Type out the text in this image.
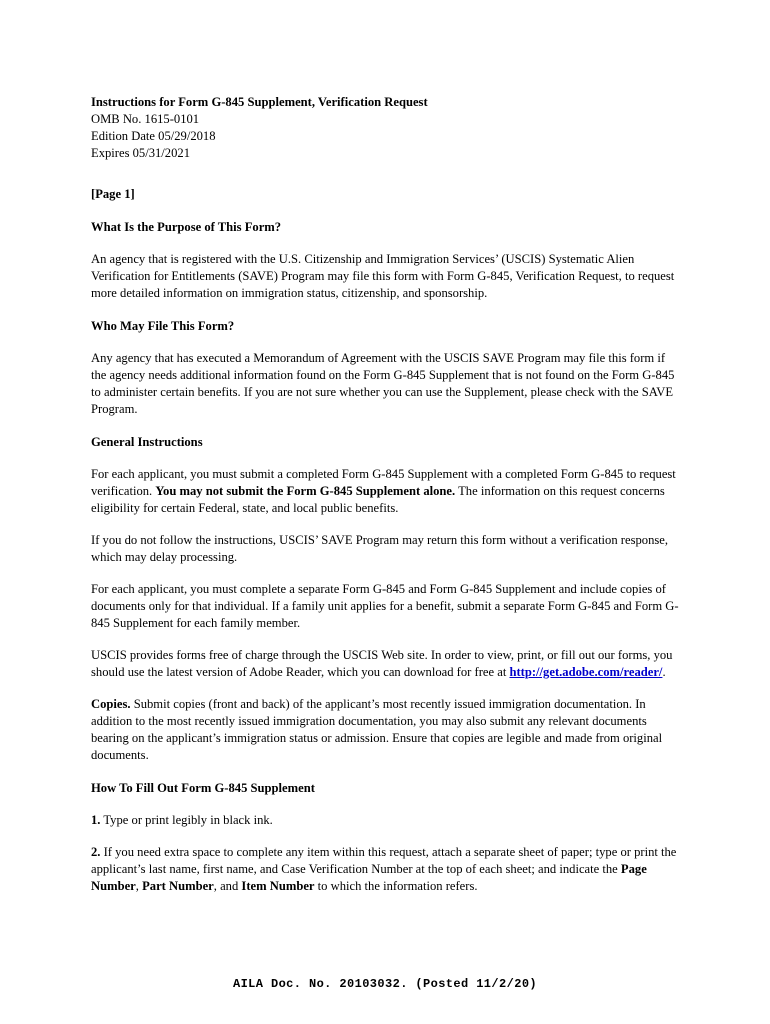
Instructions for Form G-845 Supplement, Verification Request

OMB No. 1615-0101

Edition Date 05/29/2018

Expires 05/31/2021

[Page 1]

What Is the Purpose of This Form?

An agency that is registered with the U.S. Citizenship and Immigration Services’ (USCIS) Systematic Alien Verification for Entitlements (SAVE) Program may file this form with Form G-845, Verification Request, to request more detailed information on immigration status, citizenship, and sponsorship.

Who May File This Form?

Any agency that has executed a Memorandum of Agreement with the USCIS SAVE Program may file this form if the agency needs additional information found on the Form G-845 Supplement that is not found on the Form G-845 to administer certain benefits. If you are not sure whether you can use the Supplement, please check with the SAVE Program.

General Instructions

For each applicant, you must submit a completed Form G-845 Supplement with a completed Form G-845 to request verification. You may not submit the Form G-845 Supplement alone. The information on this request concerns eligibility for certain Federal, state, and local public benefits.

If you do not follow the instructions, USCIS’ SAVE Program may return this form without a verification response, which may delay processing.

For each applicant, you must complete a separate Form G-845 and Form G-845 Supplement and include copies of documents only for that individual. If a family unit applies for a benefit, submit a separate Form G-845 and Form G-845 Supplement for each family member.

USCIS provides forms free of charge through the USCIS Web site. In order to view, print, or fill out our forms, you should use the latest version of Adobe Reader, which you can download for free at http://get.adobe.com/reader/.

Copies. Submit copies (front and back) of the applicant’s most recently issued immigration documentation. In addition to the most recently issued immigration documentation, you may also submit any relevant documents bearing on the applicant’s immigration status or admission. Ensure that copies are legible and made from original documents.

How To Fill Out Form G-845 Supplement

1. Type or print legibly in black ink.

2. If you need extra space to complete any item within this request, attach a separate sheet of paper; type or print the applicant’s last name, first name, and Case Verification Number at the top of each sheet; and indicate the Page Number, Part Number, and Item Number to which the information refers.

AILA Doc. No. 20103032. (Posted 11/2/20)
